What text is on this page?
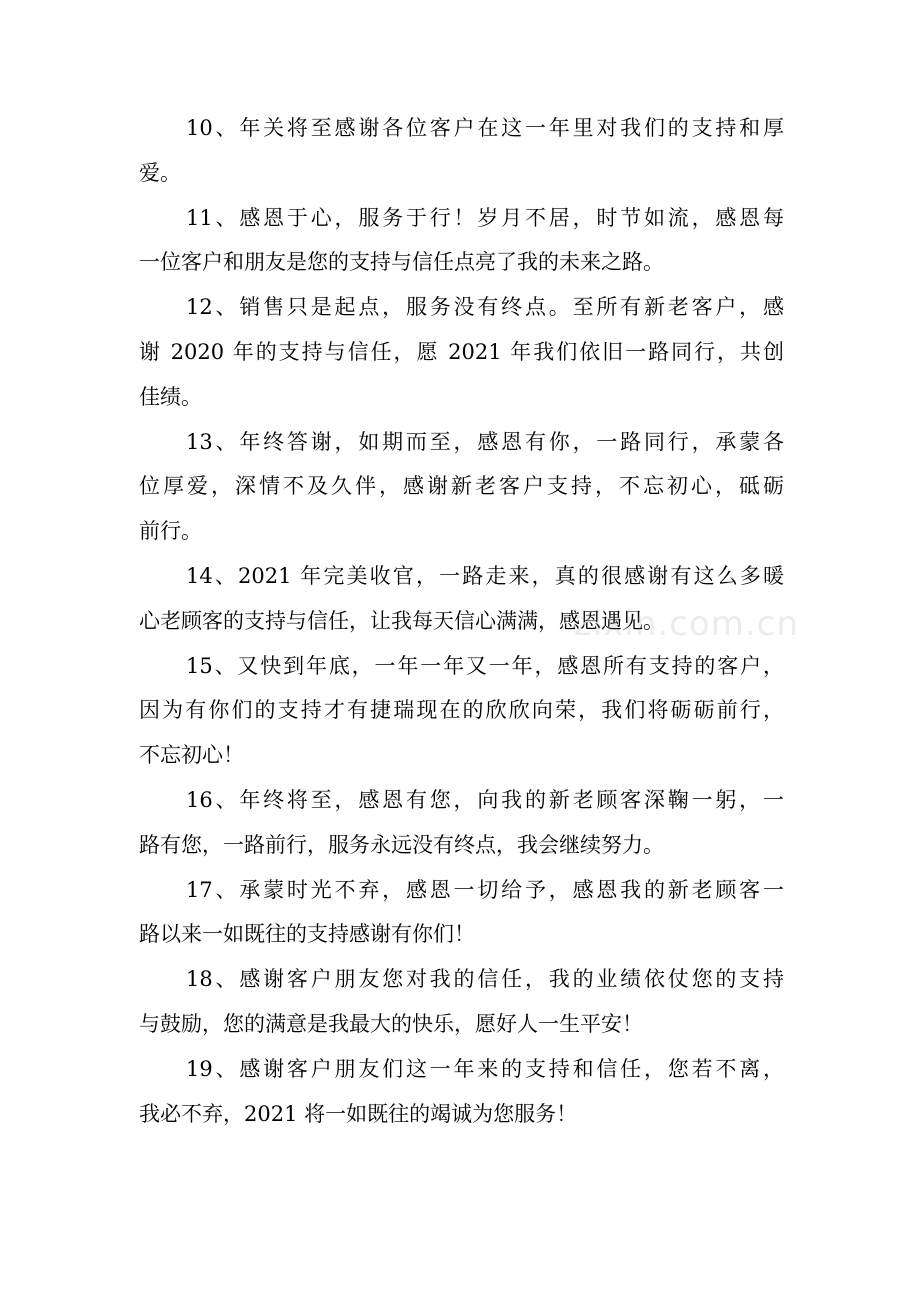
10、年关将至感谢各位客户在这一年里对我们的支持和厚
爱。
11、感恩于心，服务于行！岁月不居，时节如流，感恩每
一位客户和朋友是您的支持与信任点亮了我的未来之路。
12、销售只是起点，服务没有终点。至所有新老客户，感
谢 2020 年的支持与信任，愿 2021 年我们依旧一路同行，共创
佳绩。
13、年终答谢，如期而至，感恩有你，一路同行，承蒙各
位厚爱，深情不及久伴，感谢新老客户支持，不忘初心，砥砺
前行。
14、2021 年完美收官，一路走来，真的很感谢有这么多暖
心老顾客的支持与信任，让我每天信心满满，感恩遇见。
15、又快到年底，一年一年又一年，感恩所有支持的客户，
因为有你们的支持才有捷瑞现在的欣欣向荣，我们将砺砺前行，
不忘初心！
16、年终将至，感恩有您，向我的新老顾客深鞠一躬，一
路有您，一路前行，服务永远没有终点，我会继续努力。
17、承蒙时光不弃，感恩一切给予，感恩我的新老顾客一
路以来一如既往的支持感谢有你们！
18、感谢客户朋友您对我的信任，我的业绩依仗您的支持
与鼓励，您的满意是我最大的快乐，愿好人一生平安！
19、感谢客户朋友们这一年来的支持和信任，您若不离，
我必不弃，2021 将一如既往的竭诚为您服务！
zixin.com.cn
